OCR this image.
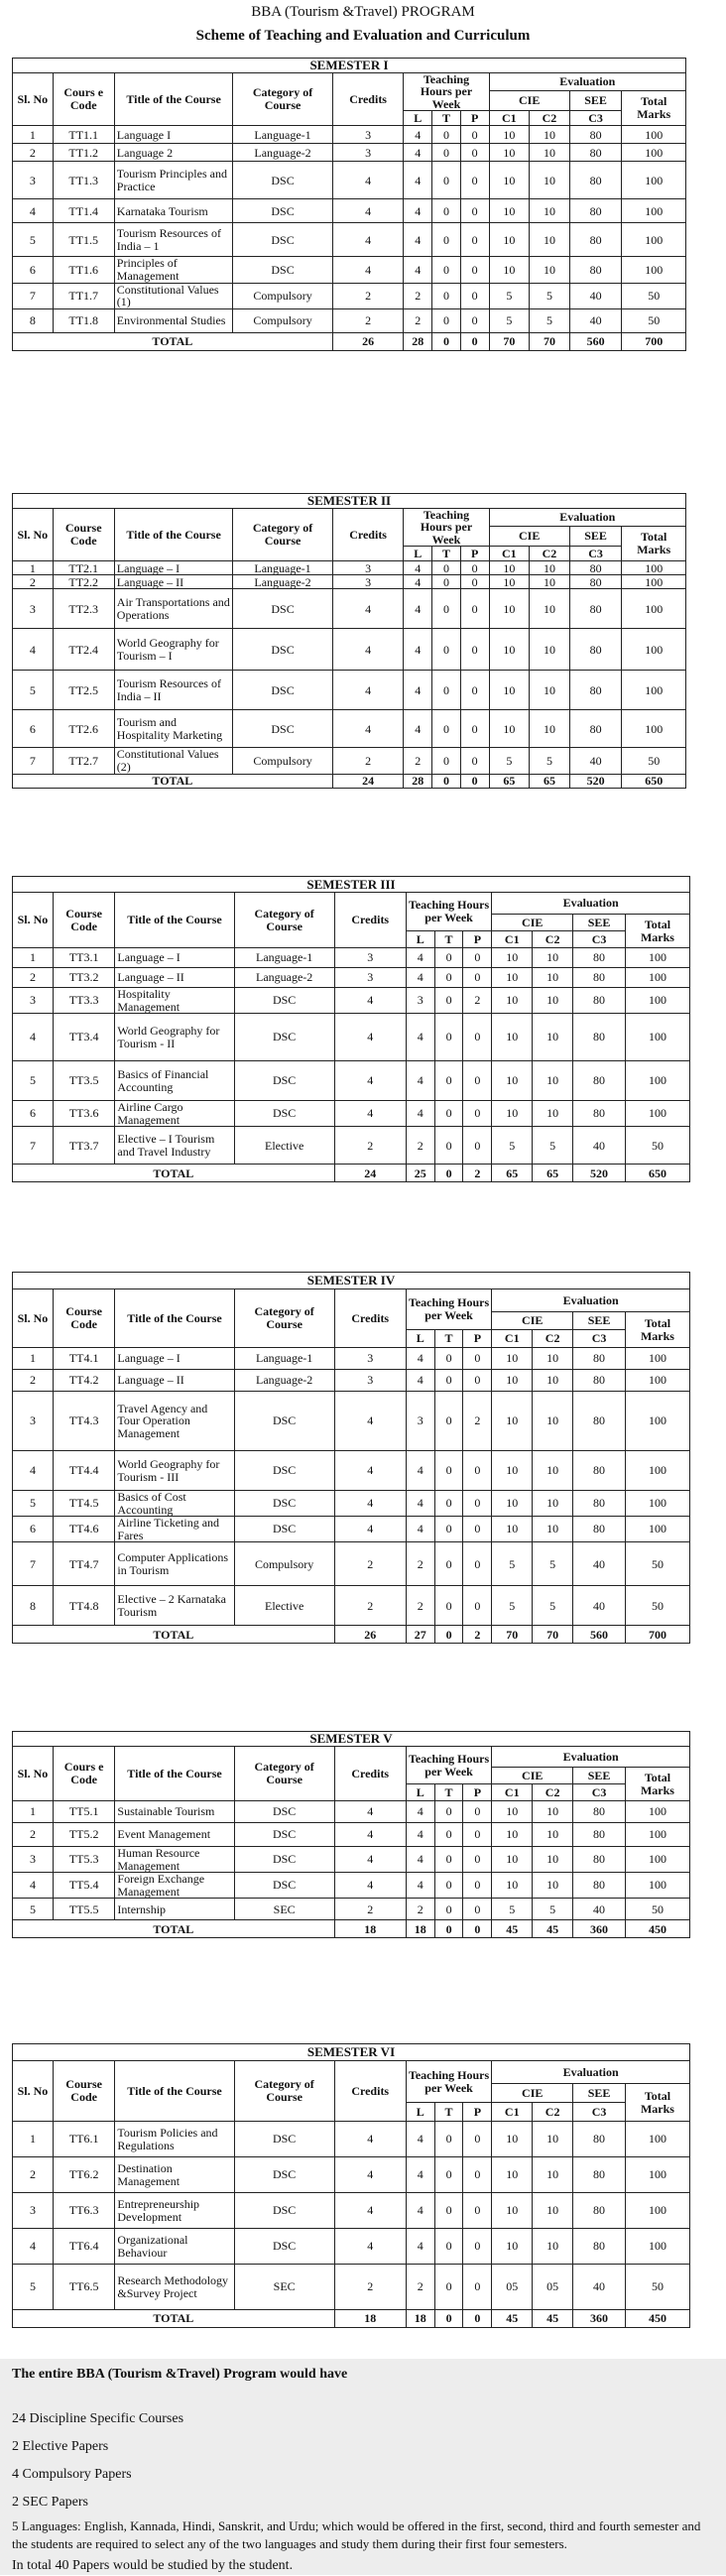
BBA (Tourism &Travel) PROGRAM
Scheme of Teaching and Evaluation and Curriculum
SEMESTER I											
Sl. No	Cours e Code	Title of the Course	Category of Course	Credits	Teaching Hours per Week			Evaluation			
								CIE		SEE	Total Marks
					L	T	P	C1	C2	C3	

1	TT1.1	Language I	Language-1	3	4	0	0	10	10	80	100
2	TT1.2	Language 2	Language-2	3	4	0	0	10	10	80	100
3	TT1.3	Tourism Principles and Practice	DSC	4	4	0	0	10	10	80	100
4	TT1.4	Karnataka Tourism	DSC	4	4	0	0	10	10	80	100
5	TT1.5	Tourism Resources of India – 1	DSC	4	4	0	0	10	10	80	100
6	TT1.6	Principles of Management	DSC	4	4	0	0	10	10	80	100
7	TT1.7	Constitutional Values (1)	Compulsory	2	2	0	0	5	5	40	50
8	TT1.8	Environmental Studies	Compulsory	2	2	0	0	5	5	40	50
TOTAL				26	28	0	0	70	70	560	700
SEMESTER II											
Sl. No	Course Code	Title of the Course	Category of Course	Credits	Teaching Hours per Week			Evaluation			
								CIE		SEE	Total Marks
					L	T	P	C1	C2	C3	

1	TT2.1	Language – I	Language-1	3	4	0	0	10	10	80	100
2	TT2.2	Language – II	Language-2	3	4	0	0	10	10	80	100
3	TT2.3	Air Transportations and Operations	DSC	4	4	0	0	10	10	80	100
4	TT2.4	World Geography for Tourism – I	DSC	4	4	0	0	10	10	80	100
5	TT2.5	Tourism Resources of India – II	DSC	4	4	0	0	10	10	80	100
6	TT2.6	Tourism and Hospitality Marketing	DSC	4	4	0	0	10	10	80	100
7	TT2.7	Constitutional Values (2)	Compulsory	2	2	0	0	5	5	40	50
TOTAL				24	28	0	0	65	65	520	650
SEMESTER III											
Sl. No	Course Code	Title of the Course	Category of Course	Credits	Teaching Hours per Week			Evaluation			
								CIE		SEE	Total Marks
					L	T	P	C1	C2	C3	

1	TT3.1	Language – I	Language-1	3	4	0	0	10	10	80	100
2	TT3.2	Language – II	Language-2	3	4	0	0	10	10	80	100
3	TT3.3	Hospitality Management	DSC	4	3	0	2	10	10	80	100
4	TT3.4	World Geography for Tourism - II	DSC	4	4	0	0	10	10	80	100
5	TT3.5	Basics of Financial Accounting	DSC	4	4	0	0	10	10	80	100
6	TT3.6	Airline Cargo Management	DSC	4	4	0	0	10	10	80	100
7	TT3.7	Elective – I Tourism and Travel Industry	Elective	2	2	0	0	5	5	40	50
TOTAL				24	25	0	2	65	65	520	650
SEMESTER IV											
Sl. No	Course Code	Title of the Course	Category of Course	Credits	Teaching Hours per Week			Evaluation			
								CIE		SEE	Total Marks
					L	T	P	C1	C2	C3	

1	TT4.1	Language – I	Language-1	3	4	0	0	10	10	80	100
2	TT4.2	Language – II	Language-2	3	4	0	0	10	10	80	100
3	TT4.3	Travel Agency and Tour Operation Management	DSC	4	3	0	2	10	10	80	100
4	TT4.4	World Geography for Tourism - III	DSC	4	4	0	0	10	10	80	100
5	TT4.5	Basics of Cost Accounting	DSC	4	4	0	0	10	10	80	100
6	TT4.6	Airline Ticketing and Fares	DSC	4	4	0	0	10	10	80	100
7	TT4.7	Computer Applications in Tourism	Compulsory	2	2	0	0	5	5	40	50
8	TT4.8	Elective – 2 Karnataka Tourism	Elective	2	2	0	0	5	5	40	50
TOTAL				26	27	0	2	70	70	560	700
SEMESTER V											
Sl. No	Cours e Code	Title of the Course	Category of Course	Credits	Teaching Hours per Week			Evaluation			
								CIE		SEE	Total Marks
					L	T	P	C1	C2	C3	

1	TT5.1	Sustainable Tourism	DSC	4	4	0	0	10	10	80	100
2	TT5.2	Event Management	DSC	4	4	0	0	10	10	80	100
3	TT5.3	Human Resource Management	DSC	4	4	0	0	10	10	80	100
4	TT5.4	Foreign Exchange Management	DSC	4	4	0	0	10	10	80	100
5	TT5.5	Internship	SEC	2	2	0	0	5	5	40	50
TOTAL				18	18	0	0	45	45	360	450
SEMESTER VI											
Sl. No	Course Code	Title of the Course	Category of Course	Credits	Teaching Hours per Week			Evaluation			
								CIE		SEE	Total Marks
					L	T	P	C1	C2	C3	

1	TT6.1	Tourism Policies and Regulations	DSC	4	4	0	0	10	10	80	100
2	TT6.2	Destination Management	DSC	4	4	0	0	10	10	80	100
3	TT6.3	Entrepreneurship Development	DSC	4	4	0	0	10	10	80	100
4	TT6.4	Organizational Behaviour	DSC	4	4	0	0	10	10	80	100
5	TT6.5	Research Methodology &Survey Project	SEC	2	2	0	0	05	05	40	50
TOTAL				18	18	0	0	45	45	360	450
The entire BBA (Tourism &Travel) Program would have
24 Discipline Specific Courses
2 Elective Papers
4 Compulsory Papers
2 SEC Papers
5 Languages: English, Kannada, Hindi, Sanskrit, and Urdu; which would be offered in the first, second, third and fourth semester and the students are required to select any of the two languages and study them during their first four semesters.
In total 40 Papers would be studied by the student.
